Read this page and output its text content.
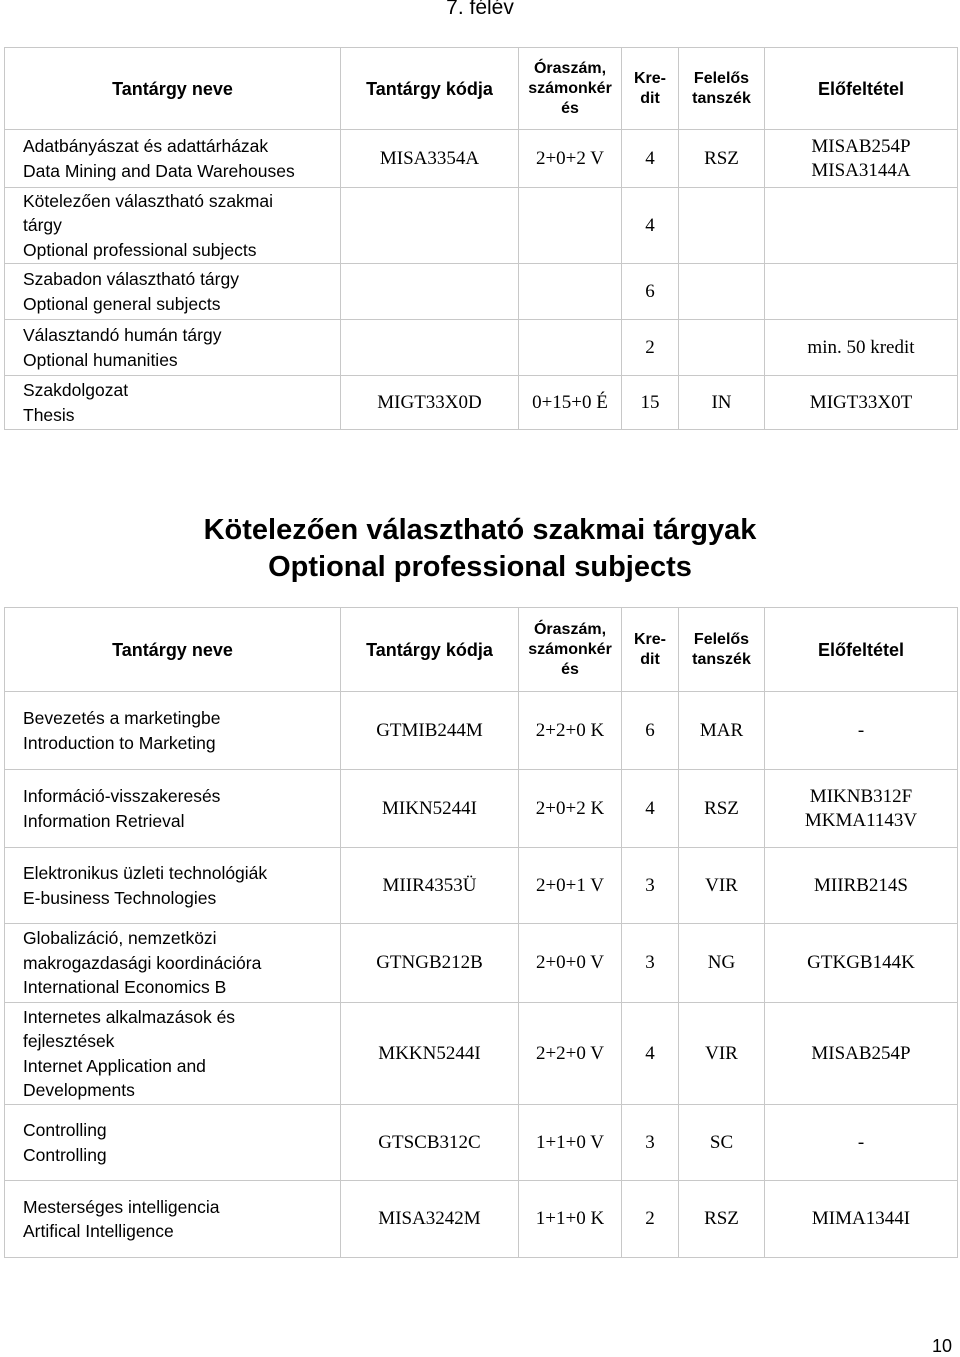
7. félév
Tantárgy neve	Tantárgy kódja	Óraszám,
számonkér
és	Kre-
dit	Felelős
tanszék	Előfeltétel

Adatbányászat és adattárházak
Data Mining and Data Warehouses	MISA3354A	2+0+2 V	4	RSZ	MISAB254P
MISA3144A

Kötelezően választható szakmai
tárgy
Optional professional subjects			4		

Szabadon választható tárgy
Optional general subjects			6		

Választandó humán tárgy
Optional humanities			2		min. 50 kredit

Szakdolgozat
Thesis	MIGT33X0D	0+15+0 É	15	IN	MIGT33X0T
Kötelezően választható szakmai tárgyak
Optional professional subjects
Tantárgy neve	Tantárgy kódja	Óraszám,
számonkér
és	Kre-
dit	Felelős
tanszék	Előfeltétel

Bevezetés a marketingbe
Introduction to Marketing	GTMIB244M	2+2+0 K	6	MAR	-

Információ-visszakeresés
Information Retrieval	MIKN5244I	2+0+2 K	4	RSZ	MIKNB312F
MKMA1143V

Elektronikus üzleti technológiák
E-business Technologies	MIIR4353Ü	2+0+1 V	3	VIR	MIIRB214S

Globalizáció, nemzetközi
makrogazdasági koordinációra
International Economics B	GTNGB212B	2+0+0 V	3	NG	GTKGB144K

Internetes alkalmazások és
fejlesztések
Internet Application and
Developments	MKKN5244I	2+2+0 V	4	VIR	MISAB254P

Controlling
Controlling	GTSCB312C	1+1+0 V	3	SC	-

Mesterséges intelligencia
Artifical Intelligence	MISA3242M	1+1+0 K	2	RSZ	MIMA1344I
10
